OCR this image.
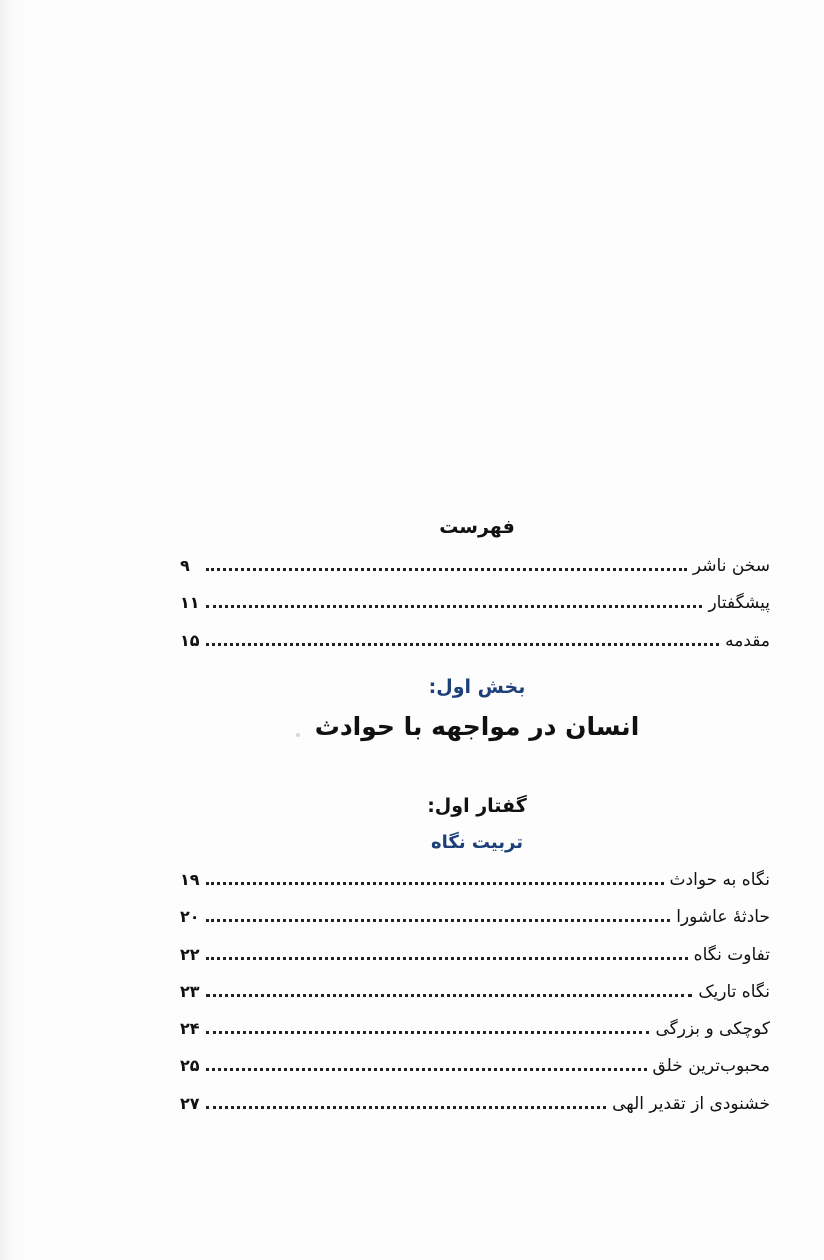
فهرست
سخن ناشر
۹
پیشگفتار
۱۱
مقدمه
۱۵
بخش اول:
انسان در مواجهه با حوادث
گفتار اول:
تربیت نگاه
نگاه به حوادث
۱۹
حادثهٔ عاشورا
۲۰
تفاوت نگاه
۲۲
نگاه تاریک
۲۳
کوچکی و بزرگی
۲۴
محبوب‌ترین خلق
۲۵
خشنودی از تقدیر الهی
۲۷
